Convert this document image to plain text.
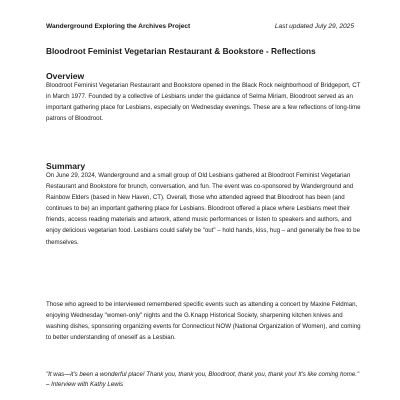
Wanderground Exploring the Archives Project	Last updated July 29, 2025
Bloodroot Feminist Vegetarian Restaurant & Bookstore - Reflections
Overview

Bloodroot Feminist Vegetarian Restaurant and Bookstore opened in the Black Rock neighborhood of Bridgeport, CT in March 1977. Founded by a collective of Lesbians under the guidance of Selma Miriam, Bloodroot served as an important gathering place for Lesbians, especially on Wednesday evenings. These are a few reflections of long-time patrons of Bloodroot.

Summary

On June 29, 2024, Wanderground and a small group of Old Lesbians gathered at Bloodroot Feminist Vegetarian Restaurant and Bookstore for brunch, conversation, and fun. The event was co-sponsored by Wanderground and Rainbow Elders (based in New Haven, CT). Overall, those who attended agreed that Bloodroot has been (and continues to be) an important gathering place for Lesbians. Bloodroot offered a place where Lesbians meet their friends, access reading materials and artwork, attend music performances or listen to speakers and authors, and enjoy delicious vegetarian food. Lesbians could safely be "out" – hold hands, kiss, hug – and generally be free to be themselves.

Those who agreed to be interviewed remembered specific events such as attending a concert by Maxine Feldman, enjoying Wednesday "women-only" nights and the G.Knapp Historical Society, sharpening kitchen knives and washing dishes, sponsoring organizing events for Connecticut NOW (National Organization of Women), and coming to better understanding of oneself as a Lesbian.

"It was—it's been a wonderful place! Thank you, thank you, Bloodroot, thank you, thank you! It's like coming home." – Interview with Kathy Lewis
